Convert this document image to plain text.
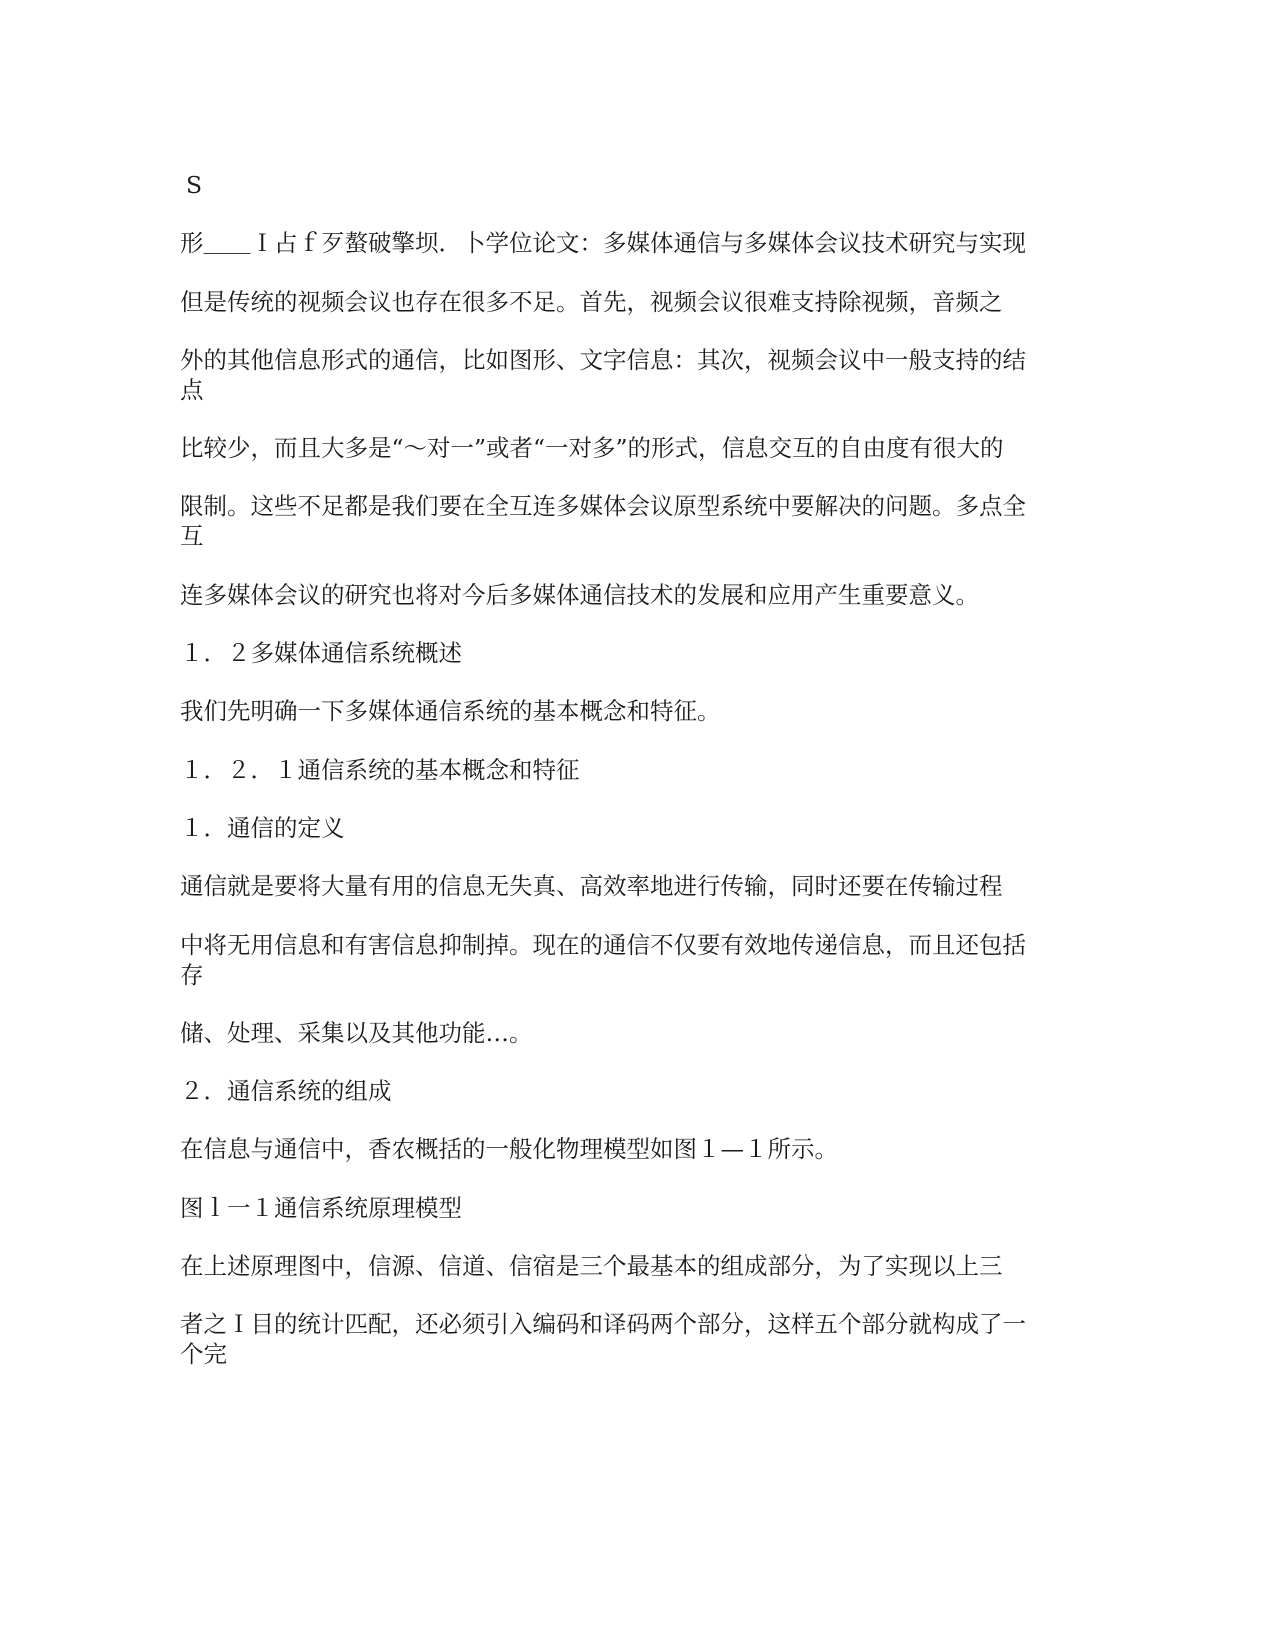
S
形＿＿Ｉ占ｆ歹螯破擎坝．卜学位论文：多媒体通信与多媒体会议技术研究与实现
但是传统的视频会议也存在很多不足。首先，视频会议很难支持除视频，音频之
外的其他信息形式的通信，比如图形、文字信息：其次，视频会议中一般支持的结
点
比较少，而且大多是“～对一”或者“一对多”的形式，信息交互的自由度有很大的
限制。这些不足都是我们要在全互连多媒体会议原型系统中要解决的问题。多点全
互
连多媒体会议的研究也将对今后多媒体通信技术的发展和应用产生重要意义。
１．２多媒体通信系统概述
我们先明确一下多媒体通信系统的基本概念和特征。
１．２．１通信系统的基本概念和特征
１．通信的定义
通信就是要将大量有用的信息无失真、高效率地进行传输，同时还要在传输过程
中将无用信息和有害信息抑制掉。现在的通信不仅要有效地传递信息，而且还包括
存
储、处理、采集以及其他功能…。
２．通信系统的组成
在信息与通信中，香农概括的一般化物理模型如图１—１所示。
图ｌ一１通信系统原理模型
在上述原理图中，信源、信道、信宿是三个最基本的组成部分，为了实现以上三
者之Ｉ目的统计匹配，还必须引入编码和译码两个部分，这样五个部分就构成了一
个完
